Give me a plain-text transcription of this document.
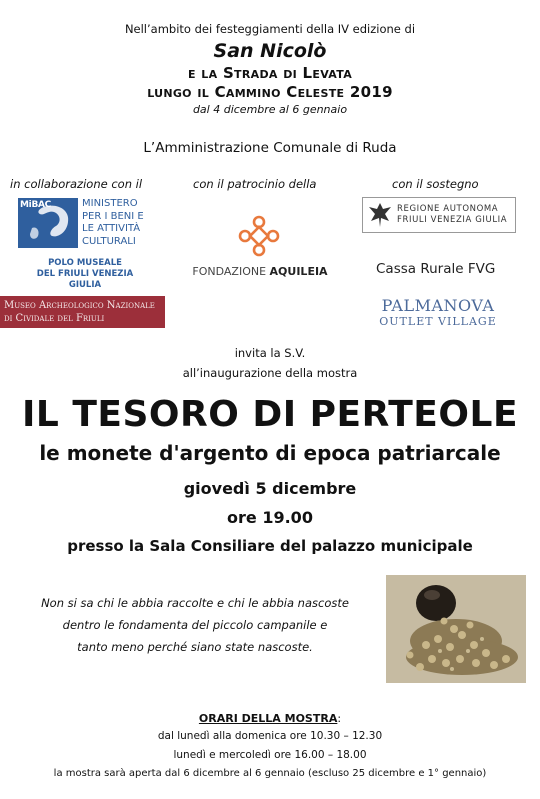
Nell’ambito dei festeggiamenti della IV edizione di
San Nicolò
e la Strada di Levata
lungo il Cammino Celeste 2019
dal 4 dicembre al 6 gennaio
L’Amministrazione Comunale di Ruda
in collaborazione con il	con il patrocinio della	con il sostegno
MiBAC	MINISTERO
PER I BENI E
LE ATTIVITÀ
CULTURALI
POLO MUSEALE
DEL FRIULI VENEZIA GIULIA
FONDAZIONE AQUILEIA
REGIONE AUTONOMA
FRIULI VENEZIA GIULIA
Cassa Rurale FVG
Museo Archeologico Nazionale
di Cividale del Friuli
PALMANOVA
OUTLET VILLAGE
invita la S.V.
all’inaugurazione della mostra
IL TESORO DI PERTEOLE
le monete d'argento di epoca patriarcale
giovedì 5 dicembre
ore 19.00
presso la Sala Consiliare del palazzo municipale
Non si sa chi le abbia raccolte e chi le abbia nascoste
dentro le fondamenta del piccolo campanile e
tanto meno perché siano state nascoste.
ORARI DELLA MOSTRA:
dal lunedì alla domenica ore 10.30 – 12.30
lunedì e mercoledì ore 16.00 – 18.00
la mostra sarà aperta dal 6 dicembre al 6 gennaio (escluso 25 dicembre e 1° gennaio)
